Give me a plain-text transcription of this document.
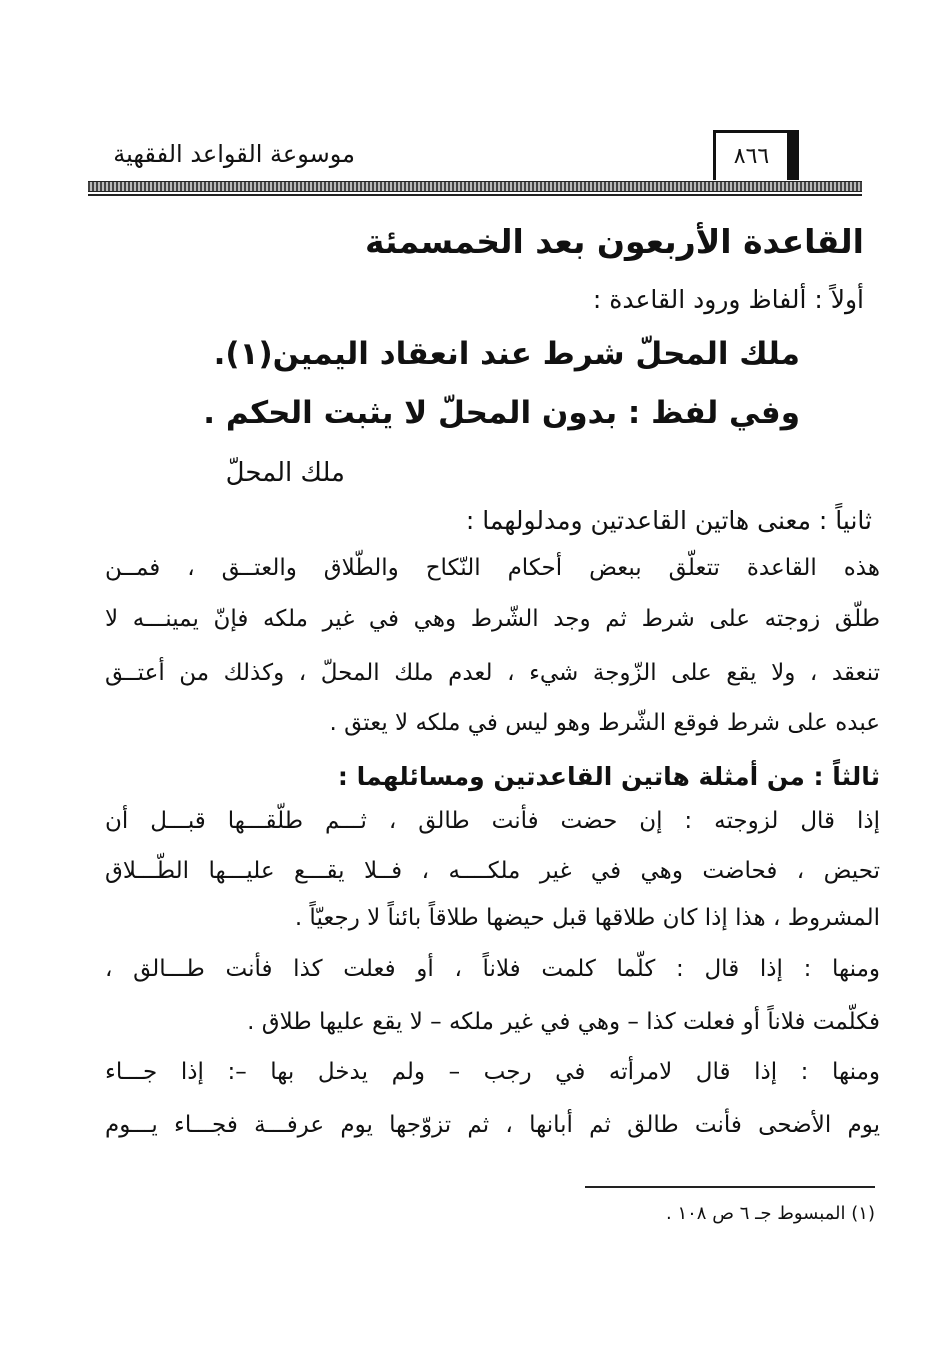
موسوعة القواعد الفقهية	٨٦٦
القاعدة الأربعون بعد الخمسمئة
أولاً : ألفاظ ورود القاعدة :
ملك المحلّ شرط عند انعقاد اليمين(١).
وفي لفظ : بدون المحلّ لا يثبت الحكم .
ملك المحلّ
ثانياً : معنى هاتين القاعدتين ومدلولهما :
هذه القاعدة تتعلّق ببعض أحكام النّكاح والطّلاق والعتــق ، فمــن
طلّق زوجته على شرط ثم وجد الشّرط وهي في غير ملكه فإنّ يمينـــه لا
تنعقد ، ولا يقع على الزّوجة شيء ، لعدم ملك المحلّ ، وكذلك من أعتــق
عبده على شرط فوقع الشّرط وهو ليس في ملكه لا يعتق .
ثالثاً : من أمثلة هاتين القاعدتين ومسائلهما :
إذا قال لزوجته : إن حضت فأنت طالق ، ثـــم طلّقـــها قبـــل أن
تحيض ، فحاضت وهي في غير ملكــــه ، فــلا يقـــع عليـــها الطّـــلاق
المشروط ، هذا إذا كان طلاقها قبل حيضها طلاقاً بائناً لا رجعيّاً .
ومنها : إذا قال : كلّما كلمت فلاناً ، أو فعلت كذا فأنت طـــالق ،
فكلّمت فلاناً أو فعلت كذا – وهي في غير ملكه – لا يقع عليها طلاق .
ومنها : إذا قال لامرأته في رجب – ولم يدخل بها –: إذا جـــاء
يوم الأضحى فأنت طالق ثم أبانها ، ثم تزوّجها يوم عرفـــة فجـــاء يـــوم
(١) المبسوط جـ ٦ ص ١٠٨ .
